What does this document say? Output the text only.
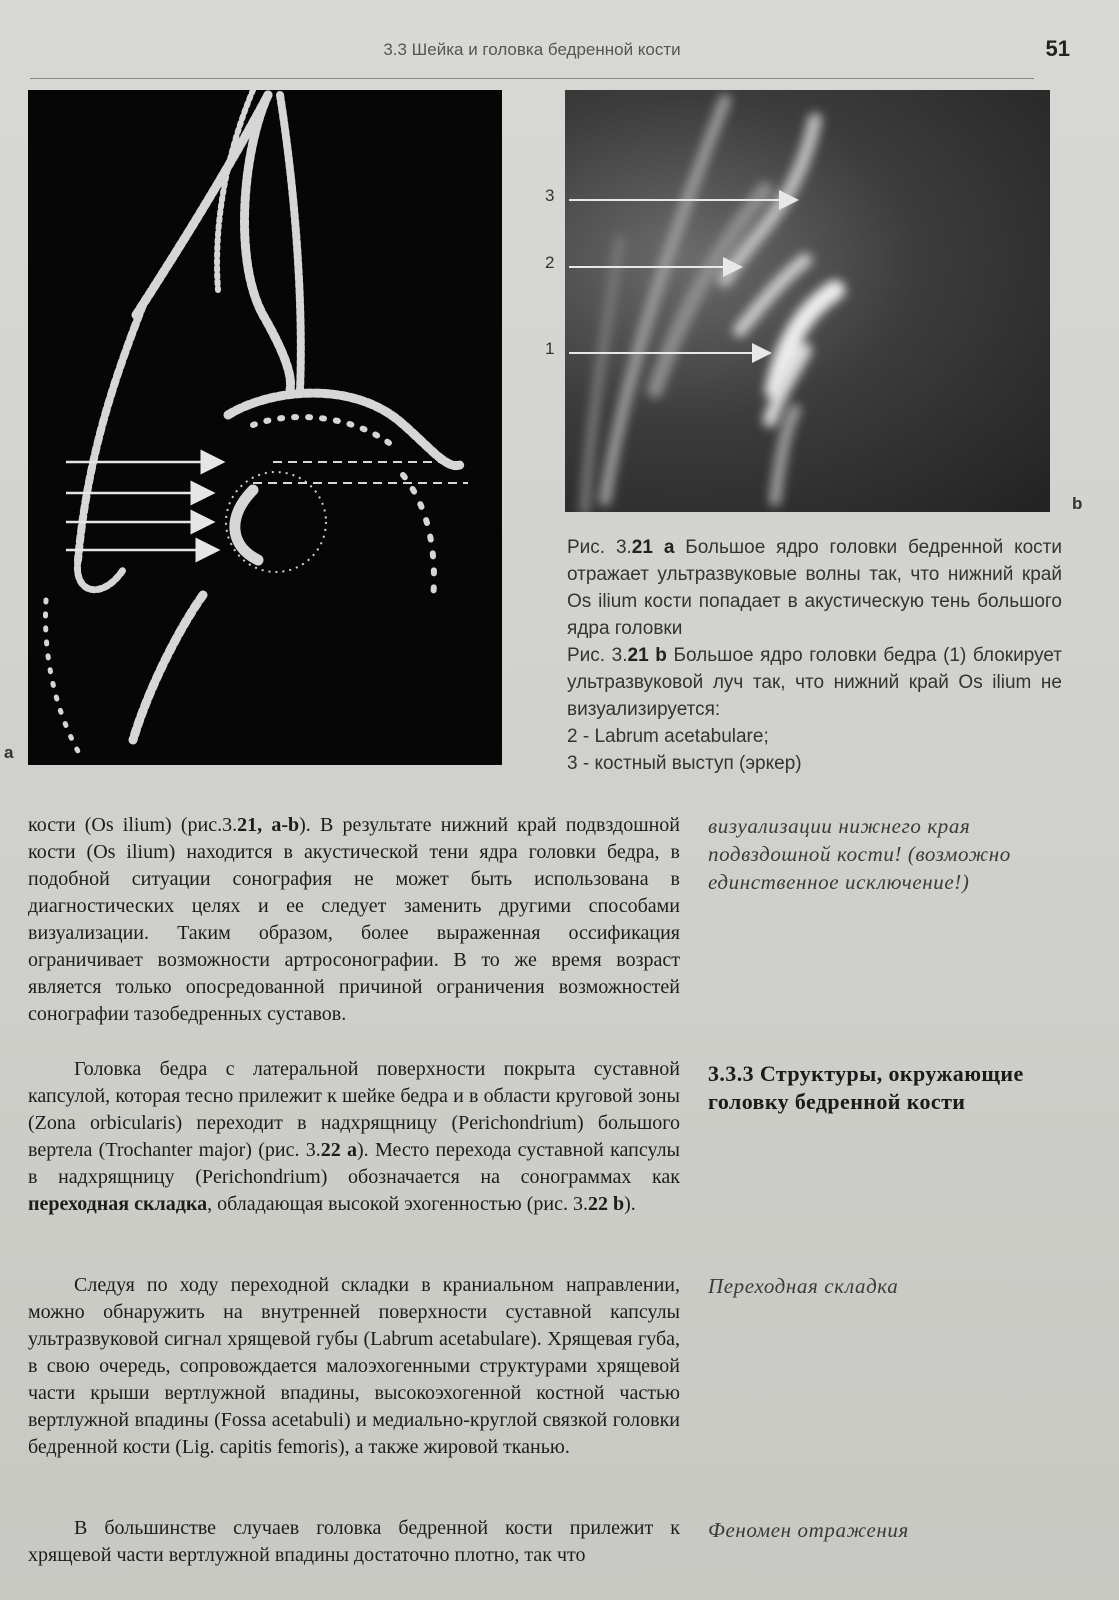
3.3 Шейка и головка бедренной кости	51
a
3
2
1
b

Рис. 3.21 a Большое ядро головки бедренной кости отражает ультразвуковые волны так, что нижний край Os ilium кости попадает в акустическую тень большого ядра головки

Рис. 3.21 b Большое ядро головки бедра (1) блокирует ультразвуковой луч так, что нижний край Os ilium не визуализируется:

2 - Labrum acetabulare;

3 - костный выступ (эркер)

кости (Os ilium) (рис.3.21, a-b). В результате нижний край подвздошной кости (Os ilium) находится в акустической тени ядра головки бедра, в подобной ситуации сонография не может быть использована в диагностических целях и ее следует заменить другими способами визуализации. Таким образом, более выраженная оссификация ограничивает возможности артросонографии. В то же время возраст является только опосредованной причиной ограничения возможностей сонографии тазобедренных суставов.

Головка бедра с латеральной поверхности покрыта суставной капсулой, которая тесно прилежит к шейке бедра и в области круговой зоны (Zona orbicularis) переходит в надхрящницу (Perichondrium) большого вертела (Trochanter major) (рис. 3.22 a). Место перехода суставной капсулы в надхрящницу (Perichondrium) обозначается на сонограммах как переходная складка, обладающая высокой эхогенностью (рис. 3.22 b).

Следуя по ходу переходной складки в краниальном направлении, можно обнаружить на внутренней поверхности суставной капсулы ультразвуковой сигнал хрящевой губы (Labrum acetabulare). Хрящевая губа, в свою очередь, сопровождается малоэхогенными структурами хрящевой части крыши вертлужной впадины, высокоэхогенной костной частью вертлужной впадины (Fossa acetabuli) и медиально-круглой связкой головки бедренной кости (Lig. capitis femoris), а также жировой тканью.

В большинстве случаев головка бедренной кости прилежит к хрящевой части вертлужной впадины достаточно плотно, так что

визуализации нижнего края подвздошной кости! (возможно единственное исключение!)
3.3.3 Структуры, окружающие головку бедренной кости
Переходная складка
Феномен отражения
